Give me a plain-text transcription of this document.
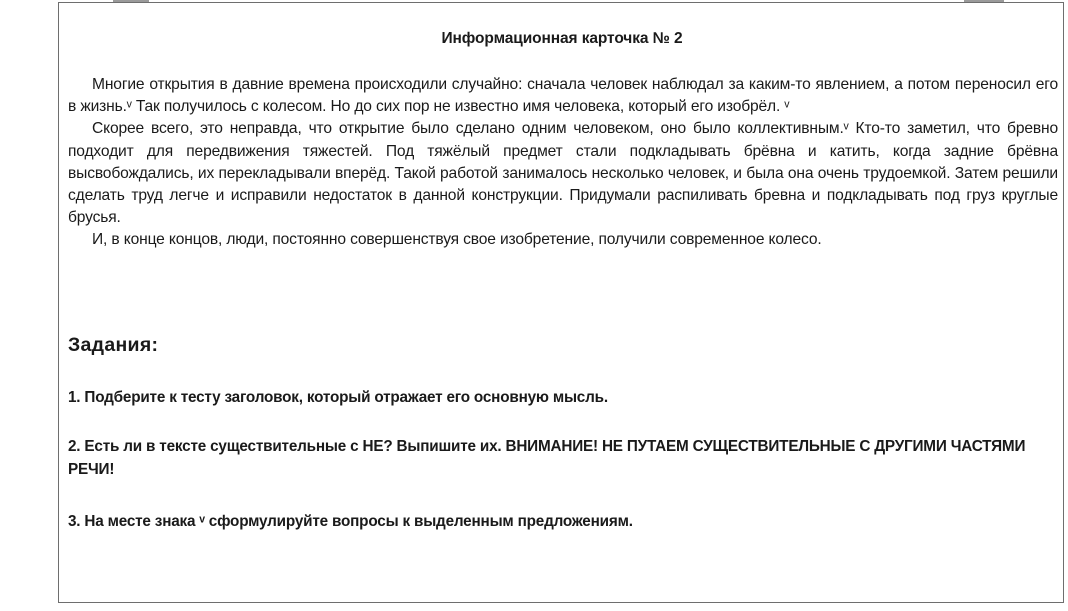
Информационная карточка № 2

Многие открытия в давние времена происходили случайно: сначала человек наблюдал за каким-то явлением, а потом переносил его в жизнь.ᵛ Так получилось с колесом. Но до сих пор не известно имя человека, который его изобрёл. ᵛ

Скорее всего, это неправда, что открытие было сделано одним человеком, оно было коллективным.ᵛ Кто-то заметил, что бревно подходит для передвижения тяжестей. Под тяжёлый предмет стали подкладывать брёвна и катить, когда задние брёвна высвобождались, их перекладывали вперёд. Такой работой занималось несколько человек, и была она очень трудоемкой. Затем решили сделать труд легче и исправили недостаток в данной конструкции. Придумали распиливать бревна и подкладывать под груз круглые брусья.

И, в конце концов, люди, постоянно совершенствуя свое изобретение, получили современное колесо.

Задания:
1. Подберите к тесту заголовок, который отражает его основную мысль.
2. Есть ли в тексте существительные с НЕ? Выпишите их. ВНИМАНИЕ! НЕ ПУТАЕМ СУЩЕСТВИТЕЛЬНЫЕ С ДРУГИМИ ЧАСТЯМИ РЕЧИ!
3. На месте знака ᵛ сформулируйте вопросы к выделенным предложениям.
